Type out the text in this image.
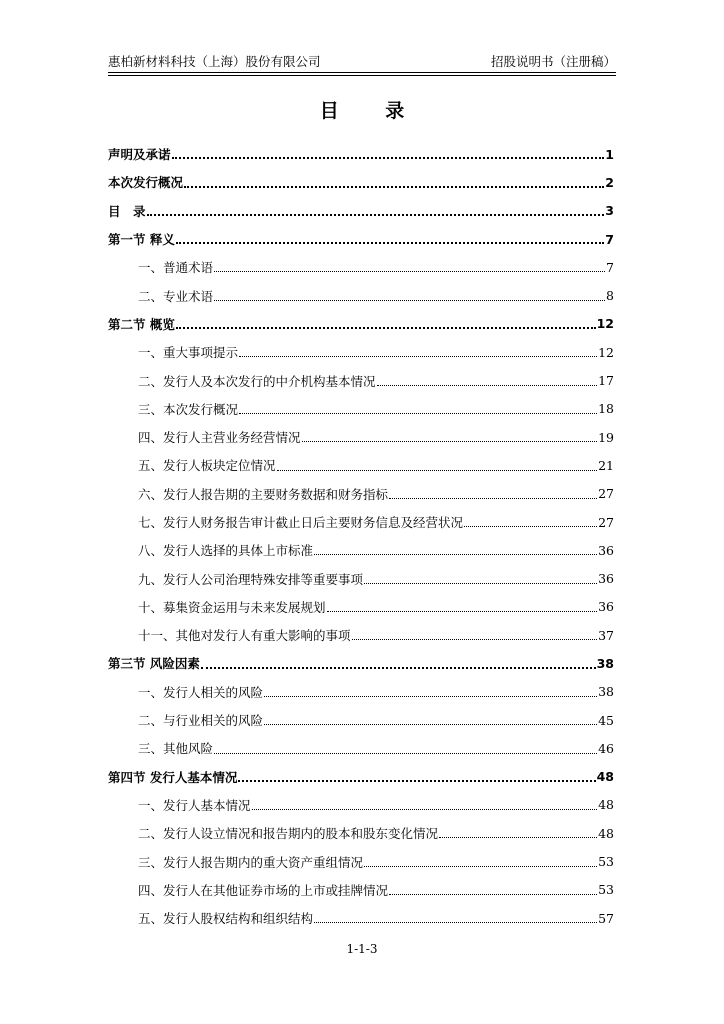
惠柏新材料科技（上海）股份有限公司	招股说明书（注册稿）
目 录
声明及承诺	1
本次发行概况	2
目　录	3
第一节 释义	7
一、普通术语	7
二、专业术语	8
第二节 概览	12
一、重大事项提示	12
二、发行人及本次发行的中介机构基本情况	17
三、本次发行概况	18
四、发行人主营业务经营情况	19
五、发行人板块定位情况	21
六、发行人报告期的主要财务数据和财务指标	27
七、发行人财务报告审计截止日后主要财务信息及经营状况	27
八、发行人选择的具体上市标准	36
九、发行人公司治理特殊安排等重要事项	36
十、募集资金运用与未来发展规划	36
十一、其他对发行人有重大影响的事项	37
第三节 风险因素	38
一、发行人相关的风险	38
二、与行业相关的风险	45
三、其他风险	46
第四节 发行人基本情况	48
一、发行人基本情况	48
二、发行人设立情况和报告期内的股本和股东变化情况	48
三、发行人报告期内的重大资产重组情况	53
四、发行人在其他证券市场的上市或挂牌情况	53
五、发行人股权结构和组织结构	57
1-1-3
